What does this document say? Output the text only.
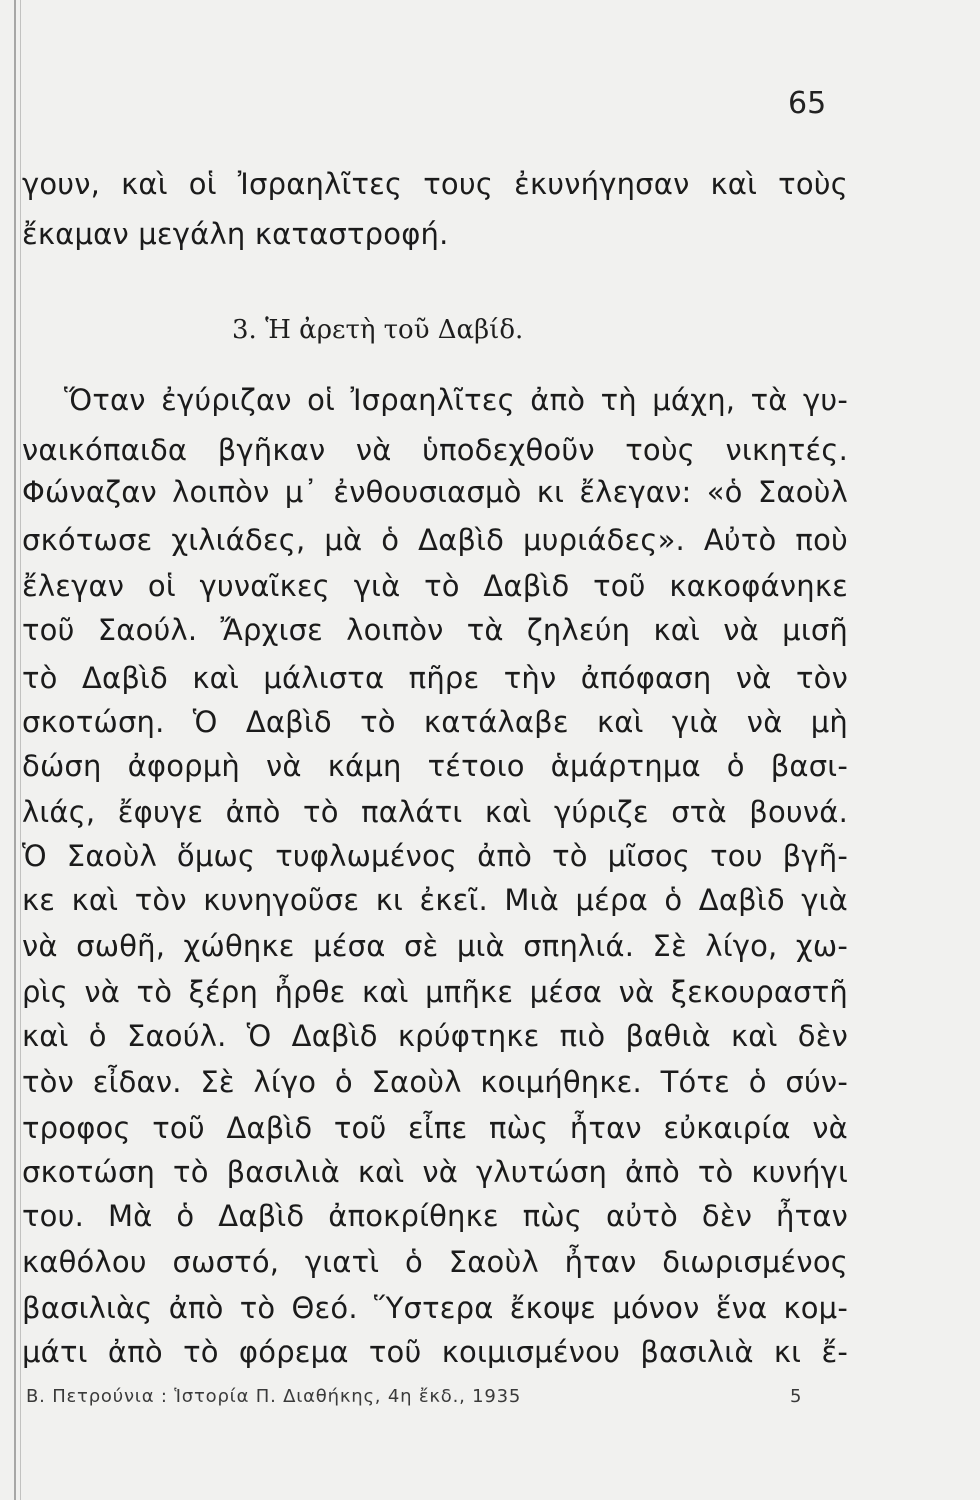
65
γουν, καὶ οἱ Ἰσραηλῖτες τους ἐκυνήγησαν καὶ τοὺς
ἔκαμαν μεγάλη καταστροφή.
3. Ἡ ἀρετὴ τοῦ Δαβίδ.
Ὅταν ἐγύριζαν οἱ Ἰσραηλῖτες ἀπὸ τὴ μάχη, τὰ γυ-
ναικόπαιδα βγῆκαν νὰ ὑποδεχθοῦν τοὺς νικητές.
Φώναζαν λοιπὸν μ᾽ ἐνθουσιασμὸ κι ἔλεγαν: «ὁ Σαοὺλ
σκότωσε χιλιάδες, μὰ ὁ Δαβὶδ μυριάδες». Αὐτὸ ποὺ
ἔλεγαν οἱ γυναῖκες γιὰ τὸ Δαβὶδ τοῦ κακοφάνηκε
τοῦ Σαούλ. Ἄρχισε λοιπὸν τὰ ζηλεύη καὶ νὰ μισῆ
τὸ Δαβὶδ καὶ μάλιστα πῆρε τὴν ἀπόφαση νὰ τὸν
σκοτώση. Ὁ Δαβὶδ τὸ κατάλαβε καὶ γιὰ νὰ μὴ
δώση ἀφορμὴ νὰ κάμη τέτοιο ἁμάρτημα ὁ βασι-
λιάς, ἔφυγε ἀπὸ τὸ παλάτι καὶ γύριζε στὰ βουνά.
Ὁ Σαοὺλ ὅμως τυφλωμένος ἀπὸ τὸ μῖσος του βγῆ-
κε καὶ τὸν κυνηγοῦσε κι ἐκεῖ. Μιὰ μέρα ὁ Δαβὶδ γιὰ
νὰ σωθῆ, χώθηκε μέσα σὲ μιὰ σπηλιά. Σὲ λίγο, χω-
ρὶς νὰ τὸ ξέρη ἦρθε καὶ μπῆκε μέσα νὰ ξεκουραστῆ
καὶ ὁ Σαούλ. Ὁ Δαβὶδ κρύφτηκε πιὸ βαθιὰ καὶ δὲν
τὸν εἶδαν. Σὲ λίγο ὁ Σαοὺλ κοιμήθηκε. Τότε ὁ σύν-
τροφος τοῦ Δαβὶδ τοῦ εἶπε πὼς ἦταν εὐκαιρία νὰ
σκοτώση τὸ βασιλιὰ καὶ νὰ γλυτώση ἀπὸ τὸ κυνήγι
του. Μὰ ὁ Δαβὶδ ἀποκρίθηκε πὼς αὐτὸ δὲν ἦταν
καθόλου σωστό, γιατὶ ὁ Σαοὺλ ἦταν διωρισμένος
βασιλιὰς ἀπὸ τὸ Θεό. Ὕστερα ἔκοψε μόνον ἕνα κομ-
μάτι ἀπὸ τὸ φόρεμα τοῦ κοιμισμένου βασιλιὰ κι ἔ-
Β. Πετρούνια : Ἱστορία Π. Διαθήκης, 4η ἔκδ., 1935	5
